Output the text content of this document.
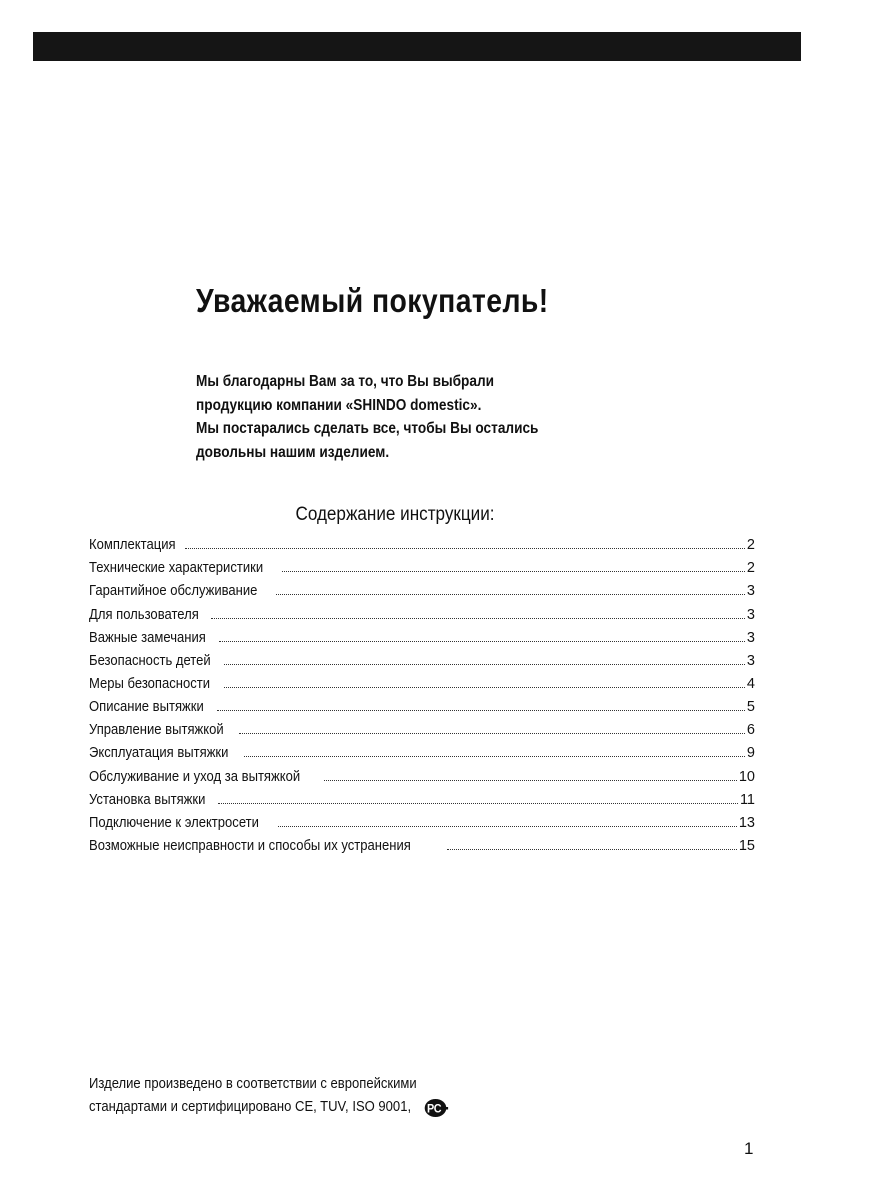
Уважаемый покупатель!
Мы благодарны Вам за то, что Вы выбрали
продукцию компании «SHINDO domestic».
Мы постарались сделать все, чтобы Вы остались
довольны нашим изделием.
Содержание инструкции:
Комплектация	2
Технические характеристики	2
Гарантийное обслуживание	3
Для пользователя	3
Важные замечания	3
Безопасность детей	3
Меры безопасности	4
Описание вытяжки	5
Управление вытяжкой	6
Эксплуатация вытяжки	9
Обслуживание и уход за вытяжкой	10
Установка вытяжки	11
Подключение к электросети	13
Возможные неисправности и способы их устранения	15
Изделие произведено в соответствии с европейскими
стандартами и сертифицировано CE, TUV, ISO 9001, P C
1
